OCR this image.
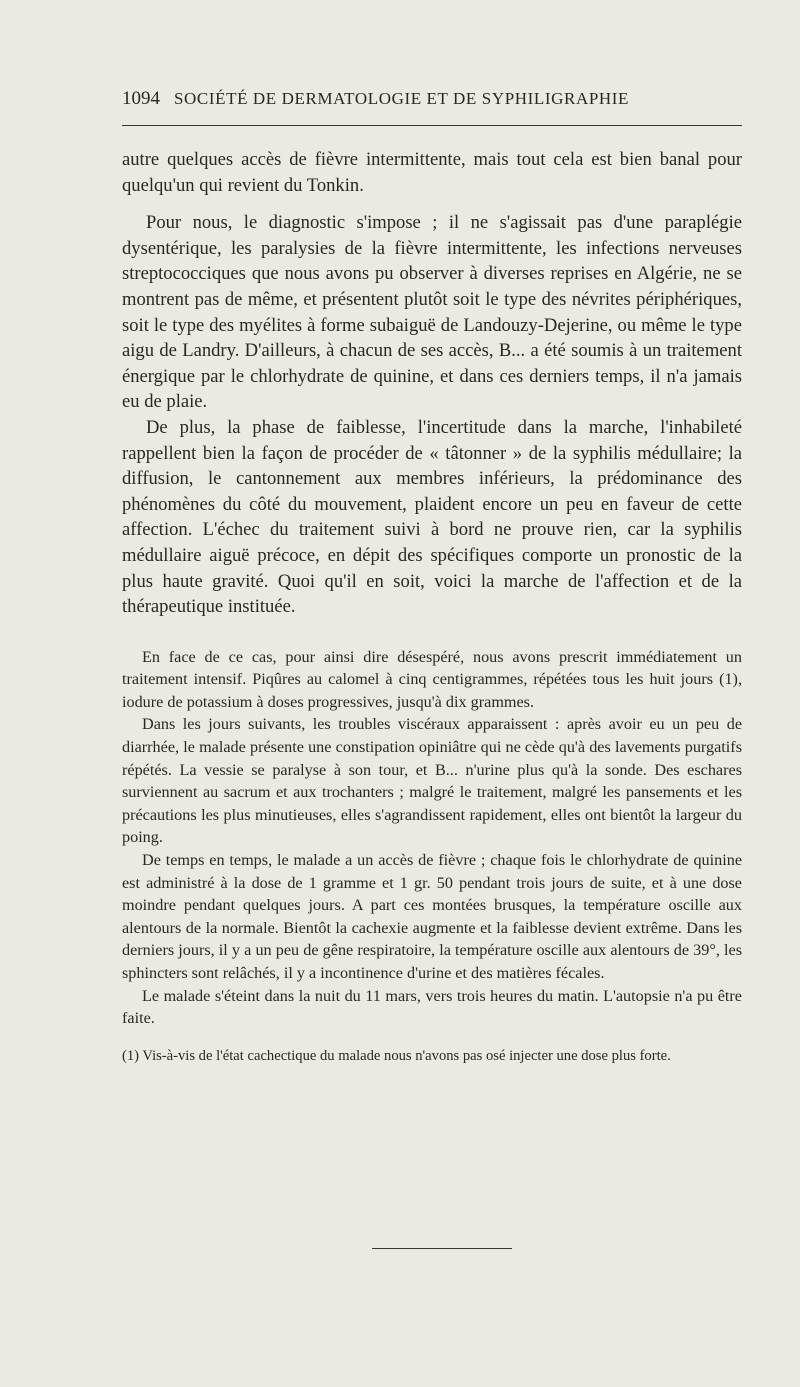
1094 SOCIÉTÉ DE DERMATOLOGIE ET DE SYPHILIGRAPHIE

autre quelques accès de fièvre intermittente, mais tout cela est bien banal pour quelqu'un qui revient du Tonkin.

Pour nous, le diagnostic s'impose ; il ne s'agissait pas d'une paraplégie dysentérique, les paralysies de la fièvre intermittente, les infections nerveuses streptococciques que nous avons pu observer à diverses reprises en Algérie, ne se montrent pas de même, et présentent plutôt soit le type des névrites périphériques, soit le type des myélites à forme subaiguë de Landouzy-Dejerine, ou même le type aigu de Landry. D'ailleurs, à chacun de ses accès, B... a été soumis à un traitement énergique par le chlorhydrate de quinine, et dans ces derniers temps, il n'a jamais eu de plaie.

De plus, la phase de faiblesse, l'incertitude dans la marche, l'inhabileté rappellent bien la façon de procéder de « tâtonner » de la syphilis médullaire; la diffusion, le cantonnement aux membres inférieurs, la prédominance des phénomènes du côté du mouvement, plaident encore un peu en faveur de cette affection. L'échec du traitement suivi à bord ne prouve rien, car la syphilis médullaire aiguë précoce, en dépit des spécifiques comporte un pronostic de la plus haute gravité. Quoi qu'il en soit, voici la marche de l'affection et de la thérapeutique instituée.

En face de ce cas, pour ainsi dire désespéré, nous avons prescrit immédiatement un traitement intensif. Piqûres au calomel à cinq centigrammes, répétées tous les huit jours (1), iodure de potassium à doses progressives, jusqu'à dix grammes.

Dans les jours suivants, les troubles viscéraux apparaissent : après avoir eu un peu de diarrhée, le malade présente une constipation opiniâtre qui ne cède qu'à des lavements purgatifs répétés. La vessie se paralyse à son tour, et B... n'urine plus qu'à la sonde. Des eschares surviennent au sacrum et aux trochanters ; malgré le traitement, malgré les pansements et les précautions les plus minutieuses, elles s'agrandissent rapidement, elles ont bientôt la largeur du poing.

De temps en temps, le malade a un accès de fièvre ; chaque fois le chlorhydrate de quinine est administré à la dose de 1 gramme et 1 gr. 50 pendant trois jours de suite, et à une dose moindre pendant quelques jours. A part ces montées brusques, la température oscille aux alentours de la normale. Bientôt la cachexie augmente et la faiblesse devient extrême. Dans les derniers jours, il y a un peu de gêne respiratoire, la température oscille aux alentours de 39°, les sphincters sont relâchés, il y a incontinence d'urine et des matières fécales.

Le malade s'éteint dans la nuit du 11 mars, vers trois heures du matin. L'autopsie n'a pu être faite.

(1) Vis-à-vis de l'état cachectique du malade nous n'avons pas osé injecter une dose plus forte.
